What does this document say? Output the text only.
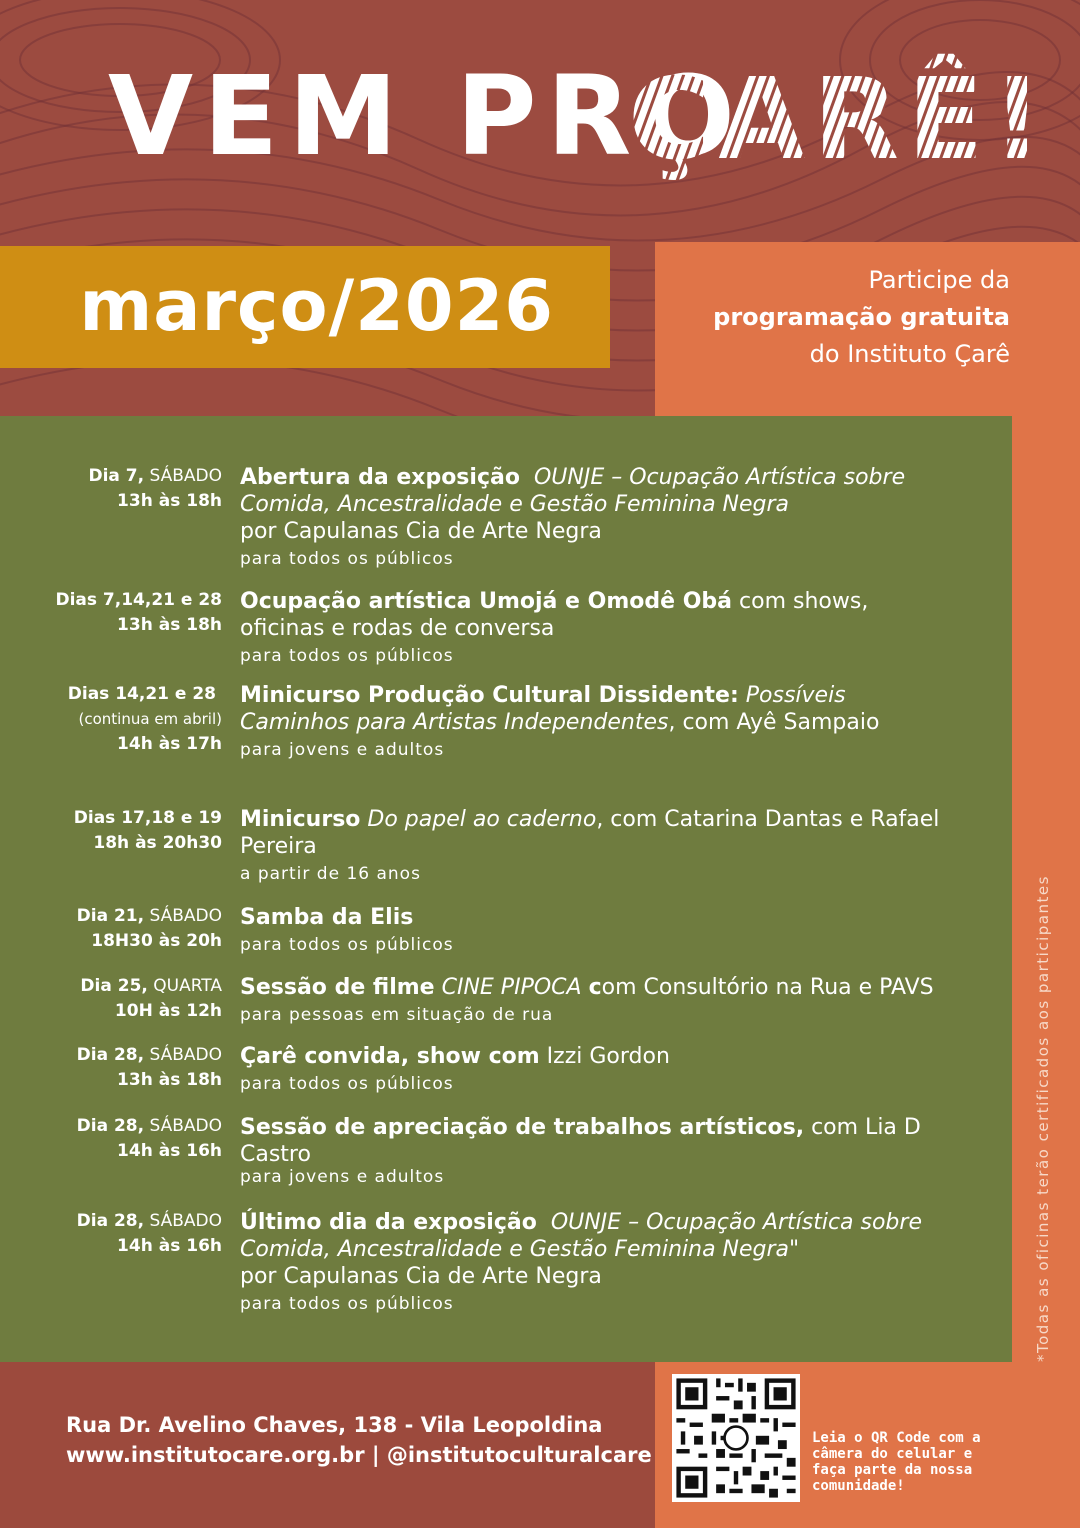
VEM PRO
ÇARÊ!
março/2026	Participe da
programação gratuita
do Instituto Çarê
Dia 7, SÁBADO
13h às 18h
Abertura da exposição OUNJE – Ocupação Artística sobre Comida, Ancestralidade e Gestão Feminina Negra
por Capulanas Cia de Arte Negra
para todos os públicos
Dias 7,14,21 e 28
13h às 18h
Ocupação artística Umojá e Omodê Obá com shows, oficinas e rodas de conversa
para todos os públicos
Dias 14,21 e 28
(continua em abril)
14h às 17h
Minicurso Produção Cultural Dissidente: Possíveis Caminhos para Artistas Independentes, com Ayê Sampaio
para jovens e adultos
Dias 17,18 e 19
18h às 20h30
Minicurso Do papel ao caderno, com Catarina Dantas e Rafael Pereira
a partir de 16 anos
Dia 21, SÁBADO
18H30 às 20h
Samba da Elis
para todos os públicos
Dia 25, QUARTA
10H às 12h
Sessão de filme CINE PIPOCA com Consultório na Rua e PAVS
para pessoas em situação de rua
Dia 28, SÁBADO
13h às 18h
Çarê convida, show com Izzi Gordon
para todos os públicos
Dia 28, SÁBADO
14h às 16h
Sessão de apreciação de trabalhos artísticos, com Lia D Castro
para jovens e adultos
Dia 28, SÁBADO
14h às 16h
Último dia da exposição OUNJE – Ocupação Artística sobre Comida, Ancestralidade e Gestão Feminina Negra"
por Capulanas Cia de Arte Negra
para todos os públicos	*Todas as oficinas terão certificados aos participantes
Rua Dr. Avelino Chaves, 138 - Vila Leopoldina
www.institutocare.org.br | @institutoculturalcare
Leia o QR Code com a câmera do celular e faça parte da nossa comunidade!
